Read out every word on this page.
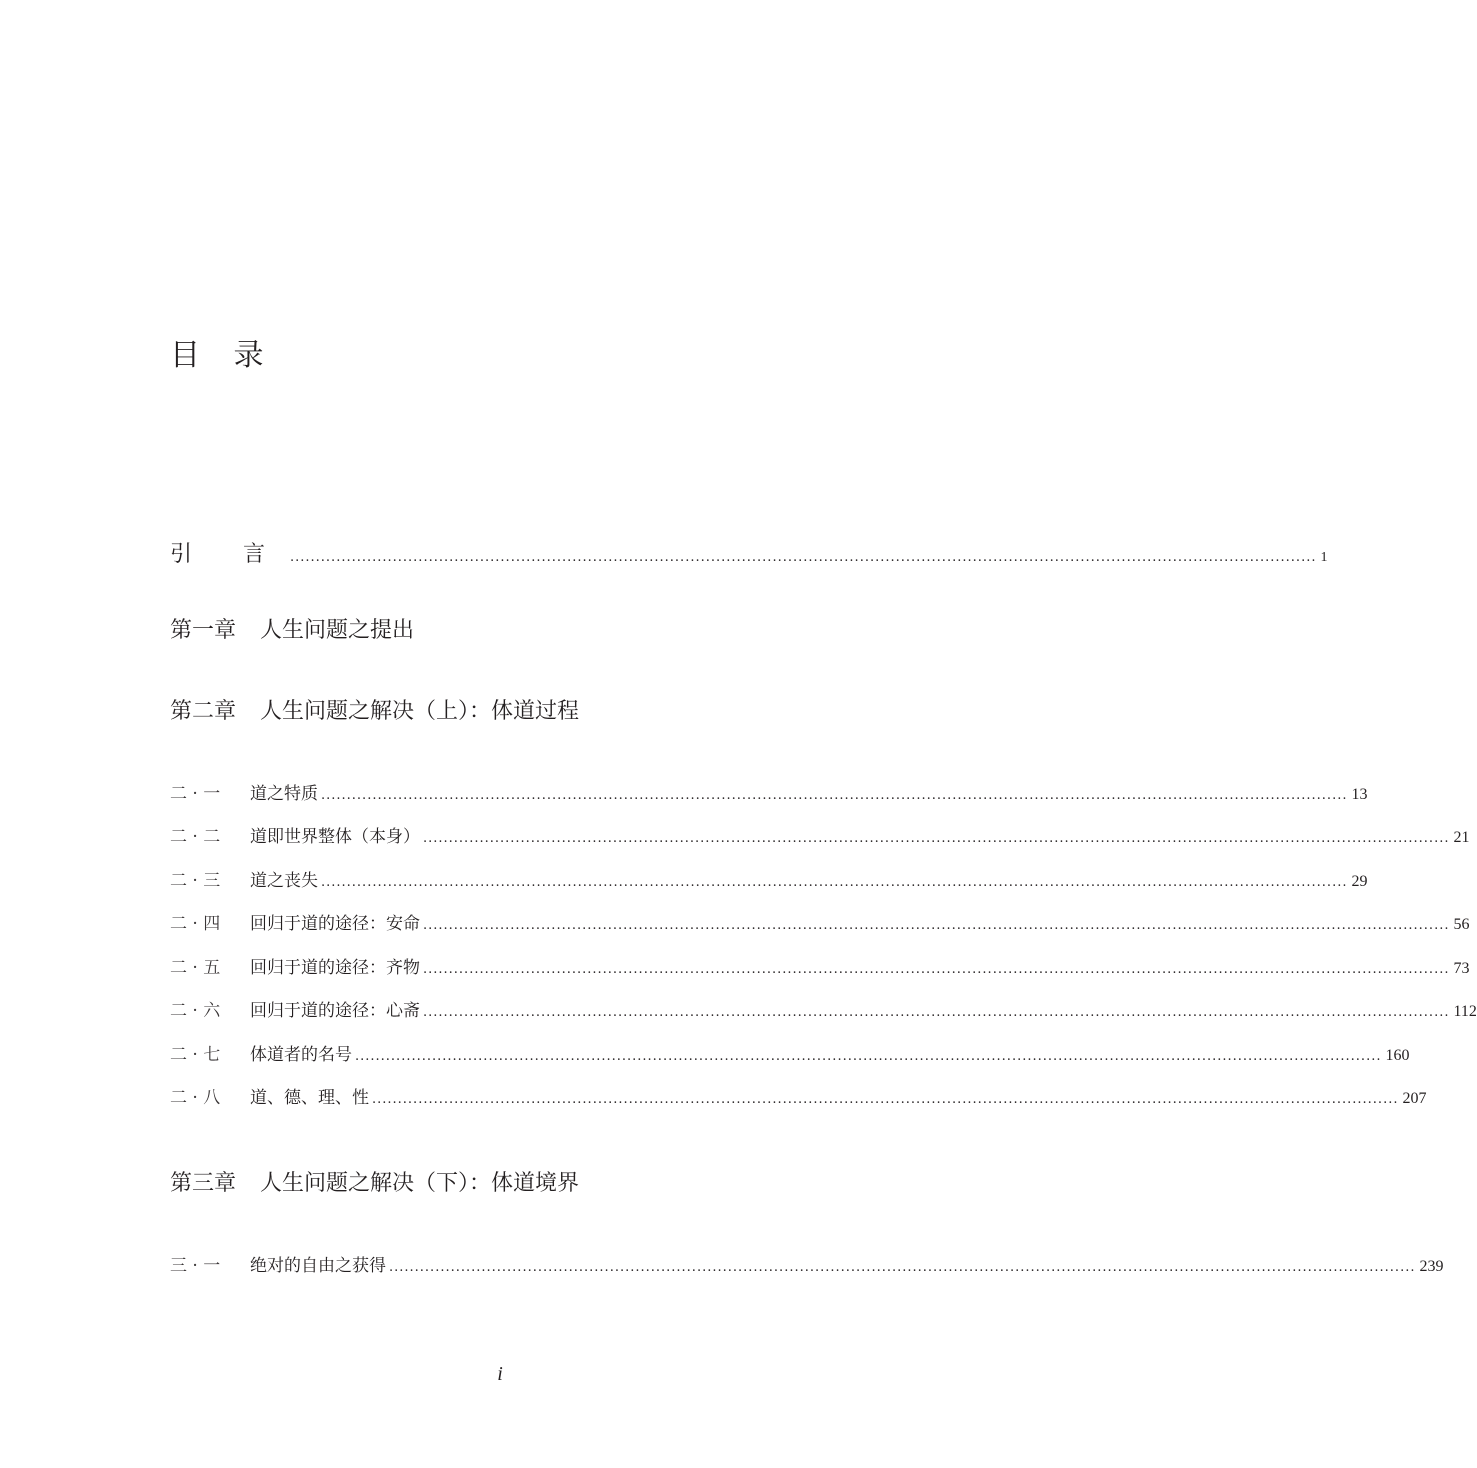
目 录
引 言 ........................................................................................................................................................................................................ 1
第一章 人生问题之提出
第二章 人生问题之解决（上）：体道过程
二 · 一	道之特质 ........................................................................................................................................................................................................ 13
二 · 二	道即世界整体（本身） ........................................................................................................................................................................................................ 21
二 · 三	道之丧失 ........................................................................................................................................................................................................ 29
二 · 四	回归于道的途径：安命 ........................................................................................................................................................................................................ 56
二 · 五	回归于道的途径：齐物 ........................................................................................................................................................................................................ 73
二 · 六	回归于道的途径：心斋 ........................................................................................................................................................................................................ 112
二 · 七	体道者的名号 ........................................................................................................................................................................................................ 160
二 · 八	道、德、理、性 ........................................................................................................................................................................................................ 207
第三章 人生问题之解决（下）：体道境界
三 · 一	绝对的自由之获得 ........................................................................................................................................................................................................ 239
i
